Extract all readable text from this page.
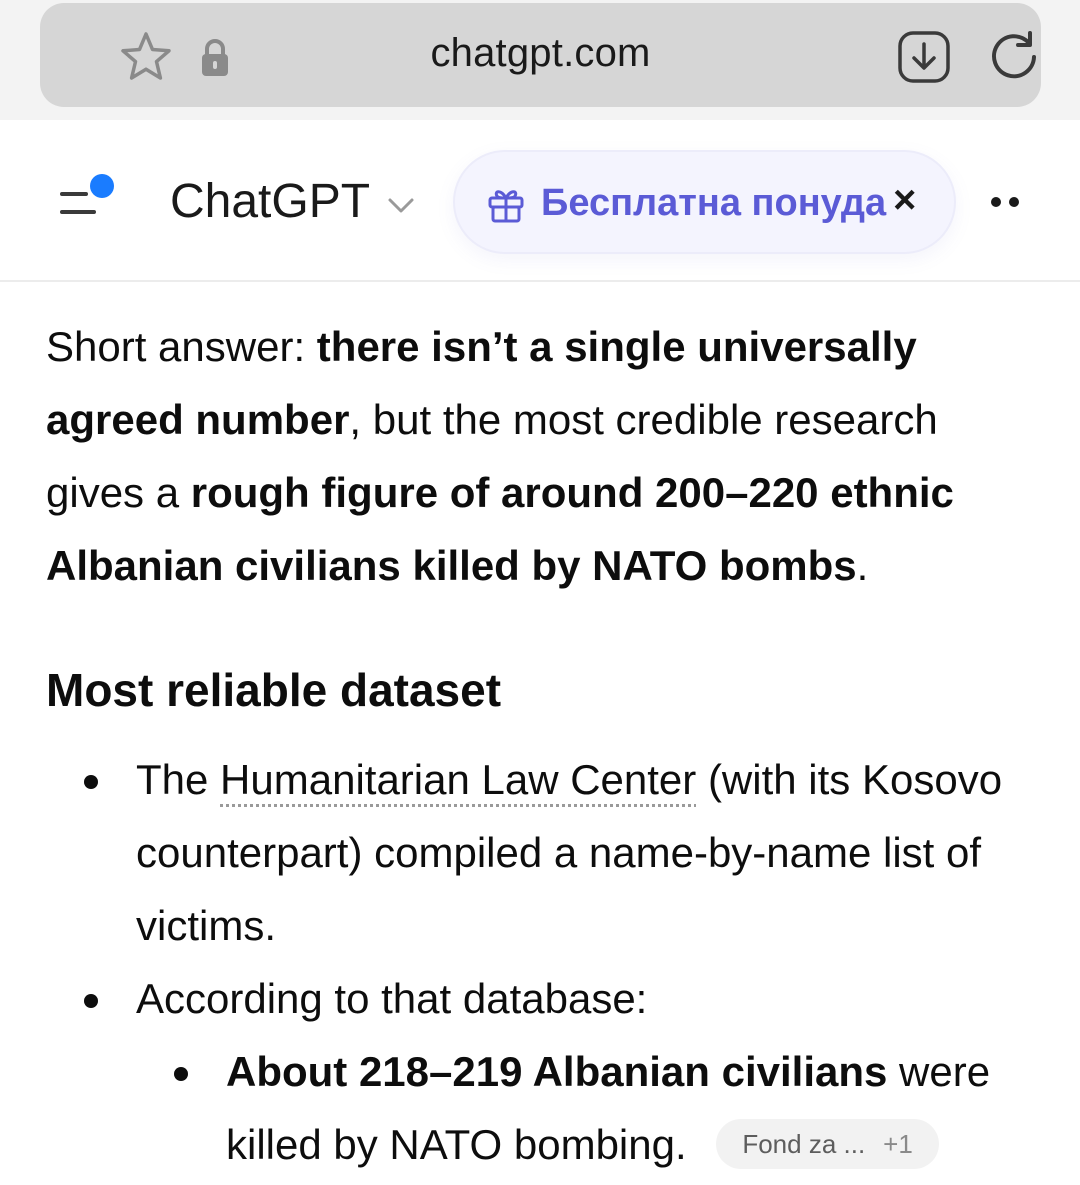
chatgpt.com
ChatGPT	Бесплатна понуда ×

Short answer: there isn’t a single universally agreed number, but the most credible research gives a rough figure of around 200–220 ethnic Albanian civilians killed by NATO bombs.

Most reliable dataset
The Humanitarian Law Center (with its Kosovo counterpart) compiled a name-by-name list of victims.
According to that database:
About 218–219 Albanian civilians were killed by NATO bombing. Fond za ... +1
